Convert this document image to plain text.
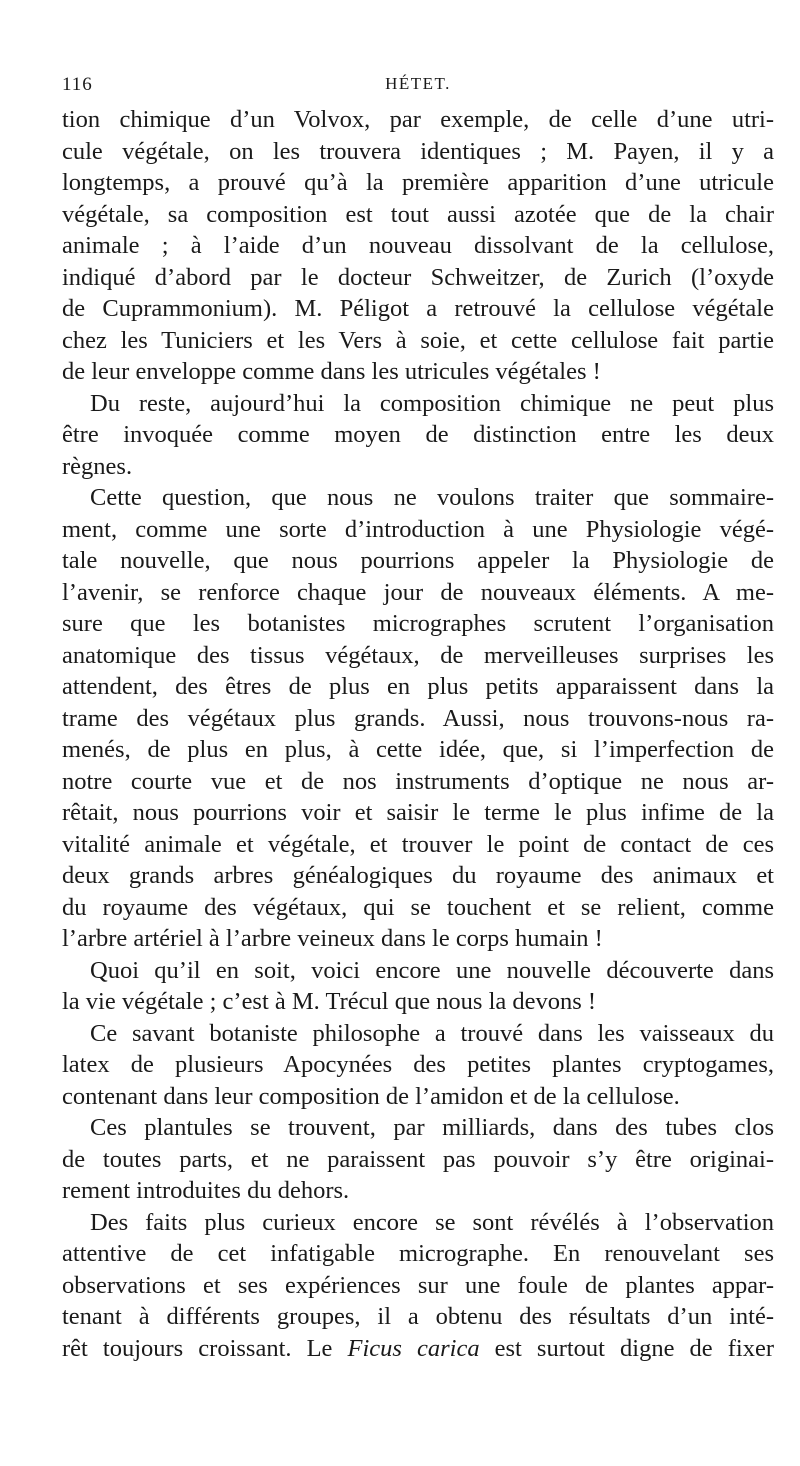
116	HÉTET.
tion chimique d’un Volvox, par exemple, de celle d’une utri-
cule végétale, on les trouvera identiques ; M. Payen, il y a
longtemps, a prouvé qu’à la première apparition d’une utricule
végétale, sa composition est tout aussi azotée que de la chair
animale ; à l’aide d’un nouveau dissolvant de la cellulose,
indiqué d’abord par le docteur Schweitzer, de Zurich (l’oxyde
de Cuprammonium). M. Péligot a retrouvé la cellulose végétale
chez les Tuniciers et les Vers à soie, et cette cellulose fait partie
de leur enveloppe comme dans les utricules végétales !
Du reste, aujourd’hui la composition chimique ne peut plus
être invoquée comme moyen de distinction entre les deux
règnes.
Cette question, que nous ne voulons traiter que sommaire-
ment, comme une sorte d’introduction à une Physiologie végé-
tale nouvelle, que nous pourrions appeler la Physiologie de
l’avenir, se renforce chaque jour de nouveaux éléments. A me-
sure que les botanistes micrographes scrutent l’organisation
anatomique des tissus végétaux, de merveilleuses surprises les
attendent, des êtres de plus en plus petits apparaissent dans la
trame des végétaux plus grands. Aussi, nous trouvons-nous ra-
menés, de plus en plus, à cette idée, que, si l’imperfection de
notre courte vue et de nos instruments d’optique ne nous ar-
rêtait, nous pourrions voir et saisir le terme le plus infime de la
vitalité animale et végétale, et trouver le point de contact de ces
deux grands arbres généalogiques du royaume des animaux et
du royaume des végétaux, qui se touchent et se relient, comme
l’arbre artériel à l’arbre veineux dans le corps humain !
Quoi qu’il en soit, voici encore une nouvelle découverte dans
la vie végétale ; c’est à M. Trécul que nous la devons !
Ce savant botaniste philosophe a trouvé dans les vaisseaux du
latex de plusieurs Apocynées des petites plantes cryptogames,
contenant dans leur composition de l’amidon et de la cellulose.
Ces plantules se trouvent, par milliards, dans des tubes clos
de toutes parts, et ne paraissent pas pouvoir s’y être originai-
rement introduites du dehors.
Des faits plus curieux encore se sont révélés à l’observation
attentive de cet infatigable micrographe. En renouvelant ses
observations et ses expériences sur une foule de plantes appar-
tenant à différents groupes, il a obtenu des résultats d’un inté-
rêt toujours croissant. Le Ficus carica est surtout digne de fixer
